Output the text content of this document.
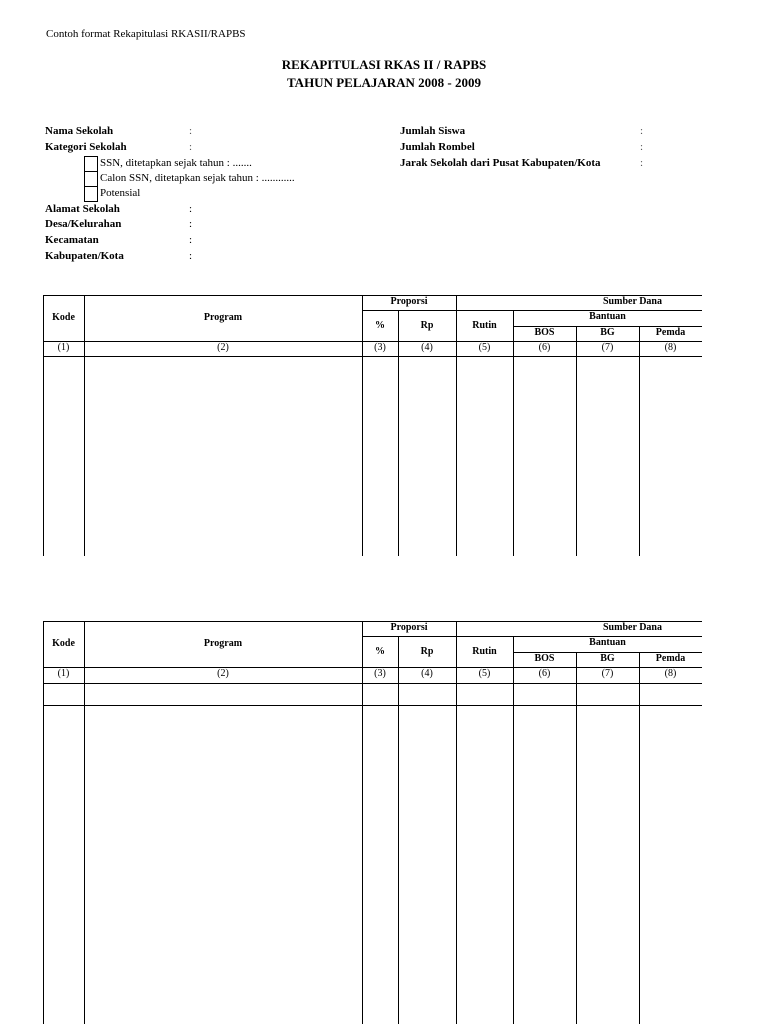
Contoh format Rekapitulasi RKASII/RAPBS
REKAPITULASI RKAS II / RAPBS
TAHUN PELAJARAN 2008 - 2009
Nama Sekolah	:
Kategori Sekolah	:
SSN, ditetapkan sejak tahun : .......
Calon SSN, ditetapkan sejak tahun : ............
Potensial
Alamat Sekolah	:
Desa/Kelurahan	:
Kecamatan	:
Kabupaten/Kota	:
Jumlah Siswa	:
Jumlah Rombel	:
Jarak Sekolah dari Pusat Kabupaten/Kota	:
Kode	Program
Proporsi
%	Rp
Sumber Dana
Rutin
Bantuan
BOS	BG	Pemda
(1)	(2)	(3)	(4)	(5)	(6)	(7)	(8)
Kode	Program
Proporsi
%	Rp
Sumber Dana
Rutin
Bantuan
BOS	BG	Pemda
(1)	(2)	(3)	(4)	(5)	(6)	(7)	(8)
